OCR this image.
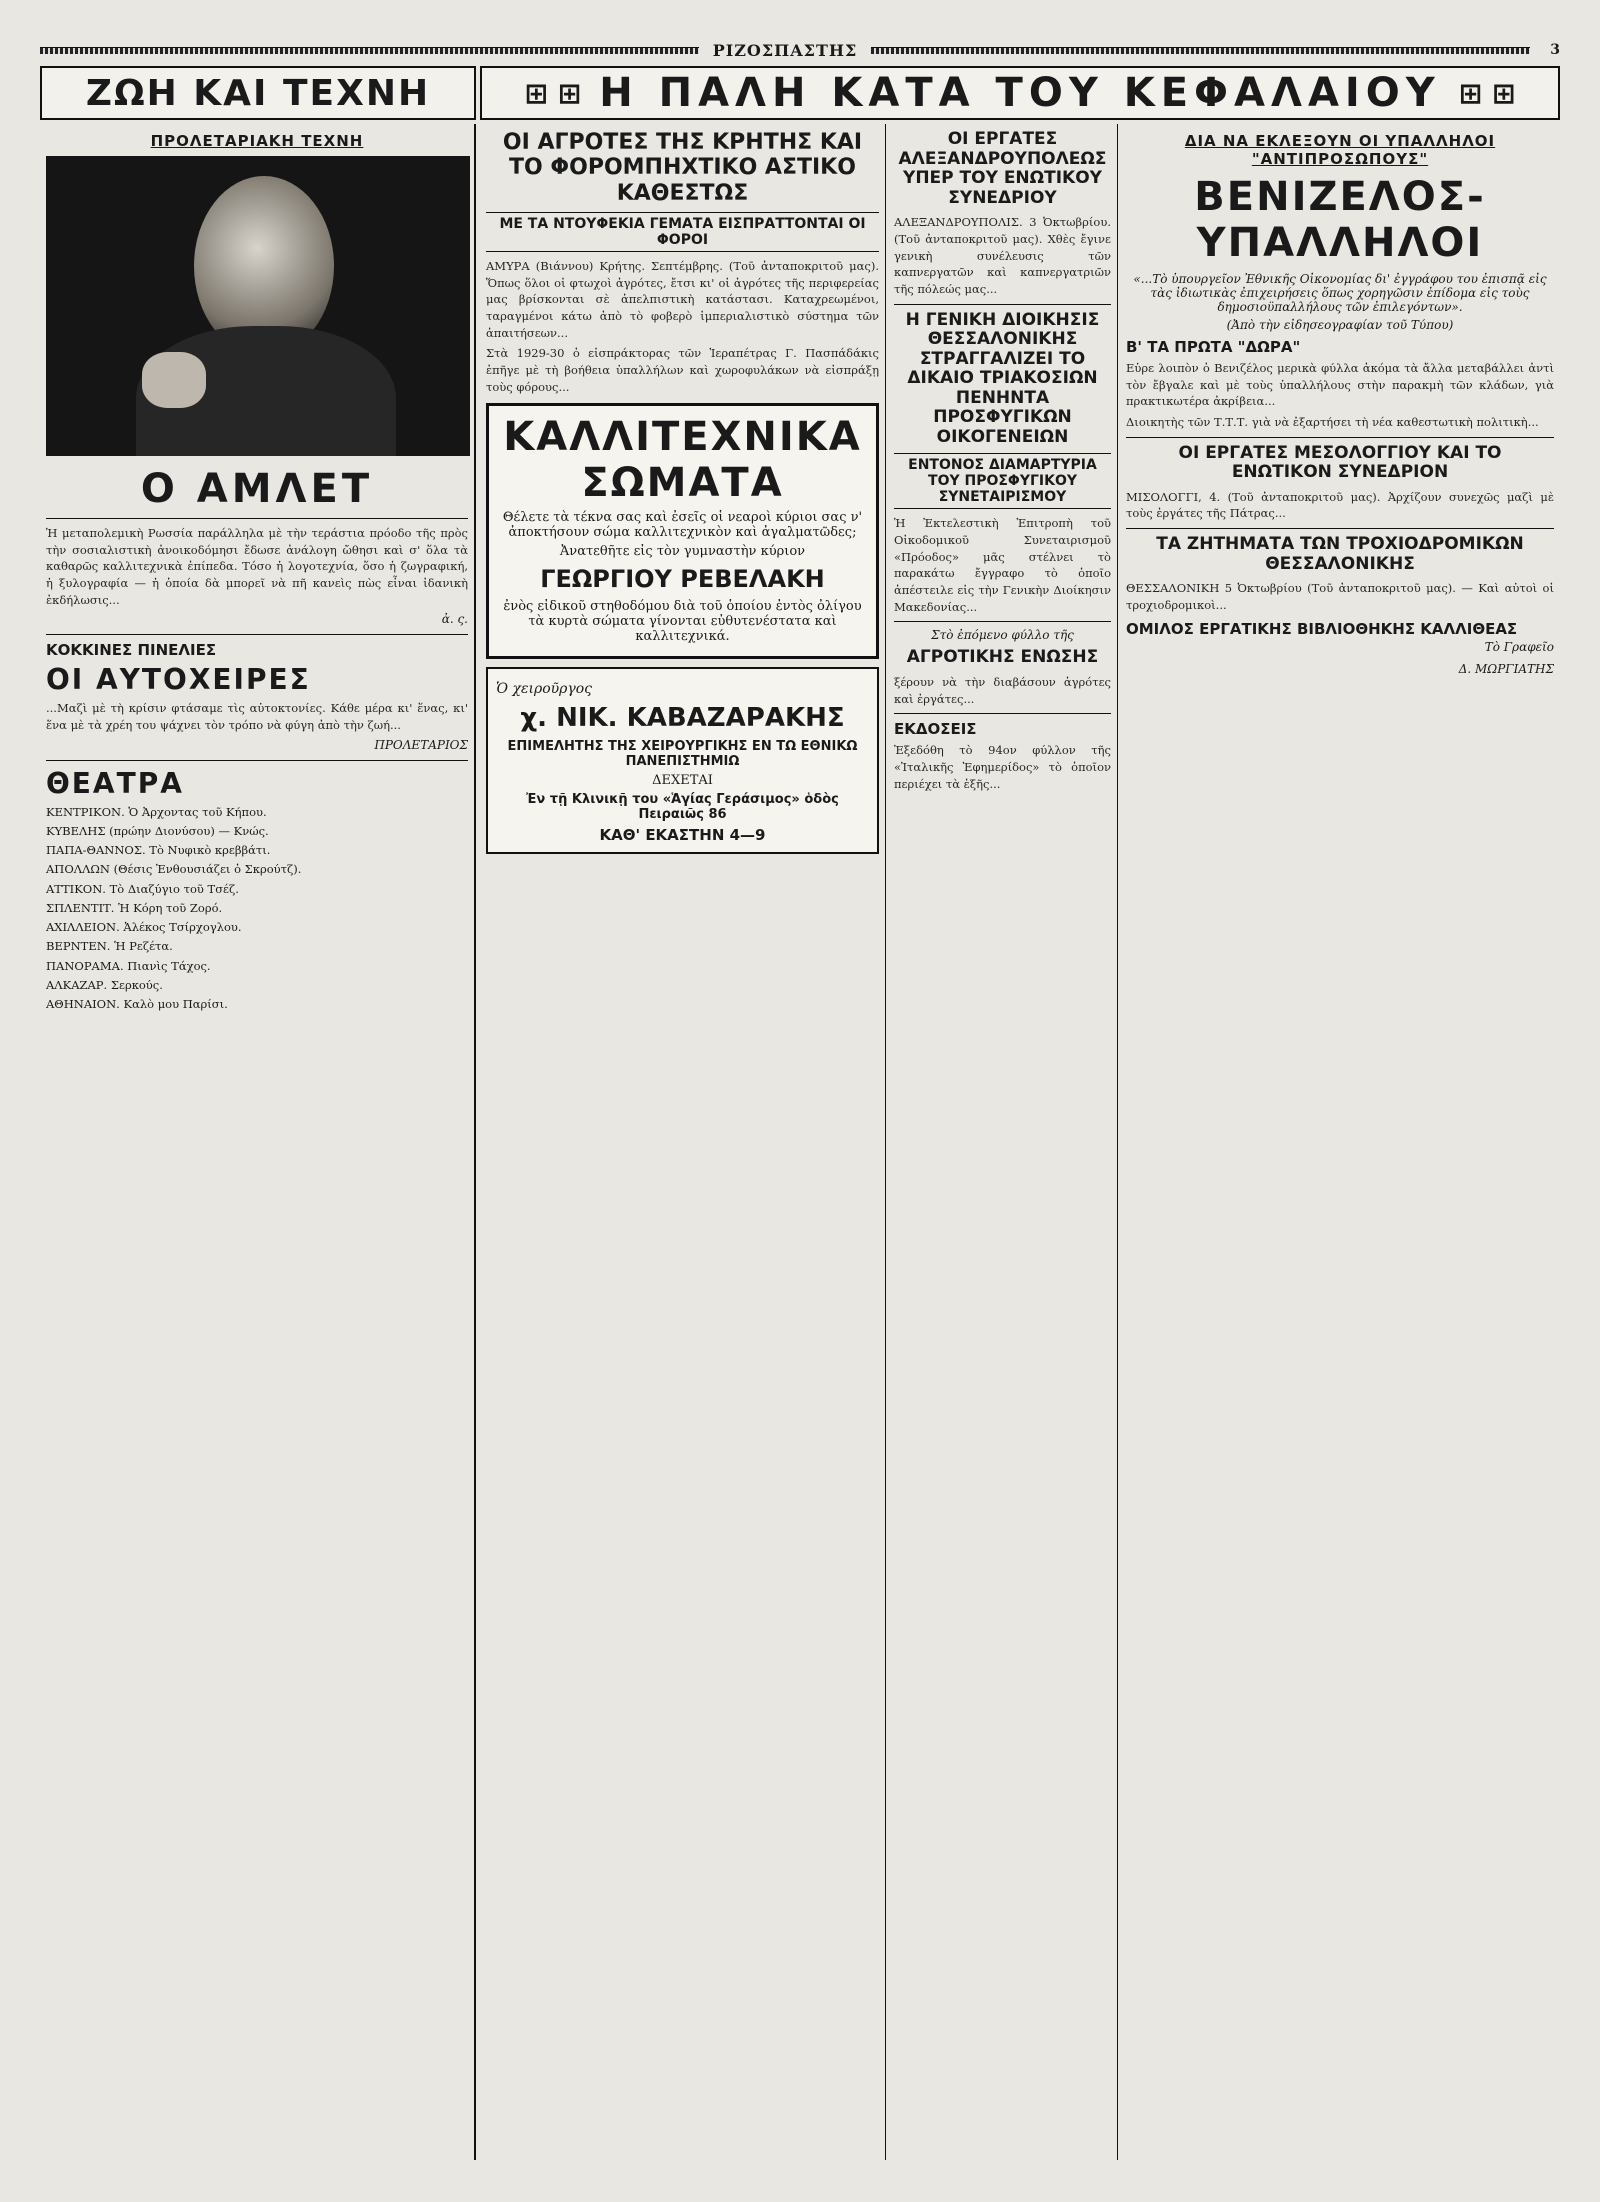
ΡΙΖΟΣΠΑΣΤΗΣ	3
ΖΩΗ ΚΑΙ ΤΕΧΝΗ	⊞ ⊞ Η ΠΑΛΗ ΚΑΤΑ ΤΟΥ ΚΕΦΑΛΑΙΟΥ ⊞ ⊞
ΠΡΟΛΕΤΑΡΙΑΚΗ ΤΕΧΝΗ
Ο ΑΜΛΕΤ

Ἡ μεταπολεμικὴ Ρωσσία παράλληλα μὲ τὴν τεράστια πρόοδο τῆς πρὸς τὴν σοσιαλιστικὴ ἀνοικοδόμησι ἔδωσε ἀνάλογη ὤθησι καὶ σ' ὅλα τὰ καθαρῶς καλλιτεχνικὰ ἐπίπεδα. Τόσο ἡ λογοτεχνία, ὅσο ἡ ζωγραφική, ἡ ξυλογραφία — ἡ ὁποία δὰ μπορεῖ νὰ πῆ κανεὶς πὼς εἶναι ἰδανικὴ ἐκδήλωσις...

ἀ. ς.
ΚΟΚΚΙΝΕΣ ΠΙΝΕΛΙΕΣ
ΟΙ ΑΥΤΟΧΕΙΡΕΣ

...Μαζὶ μὲ τὴ κρίσιν φτάσαμε τὶς αὐτοκτονίες. Κάθε μέρα κι' ἕνας, κι' ἕνα μὲ τὰ χρέη του ψάχνει τὸν τρόπο νὰ φύγη ἀπὸ τὴν ζωή...

ΠΡΟΛΕΤΑΡΙΟΣ
ΘΕΑΤΡΑ
ΚΕΝΤΡΙΚΟΝ. Ὁ Ἀρχοντας τοῦ Κήπου.
ΚΥΒΕΛΗΣ (πρώην Διονύσου) — Κνώς.
ΠΑΠΑ-ΘΑΝΝΟΣ. Τὸ Νυφικὸ κρεββάτι.
ΑΠΟΛΛΩΝ (Θέσις Ἐνθουσιάζει ὁ Σκρούτζ).
ΑΤΤΙΚΟΝ. Τὸ Διαζύγιο τοῦ Τσέζ.
ΣΠΛΕΝΤΙΤ. Ἡ Κόρη τοῦ Ζορό.
ΑΧΙΛΛΕΙΟΝ. Ἀλέκος Τσίρχογλου.
ΒΕΡΝΤΕΝ. Ἡ Ρεζέτα.
ΠΑΝΟΡΑΜΑ. Πιανὶς Τάχος.
ΑΛΚΑΖΑΡ. Σερκούς.
ΑΘΗΝΑΙΟΝ. Καλὸ μου Παρίσι.
ΟΙ ΑΓΡΟΤΕΣ ΤΗΣ ΚΡΗΤΗΣ ΚΑΙ ΤΟ ΦΟΡΟΜΠΗΧΤΙΚΟ ΑΣΤΙΚΟ ΚΑΘΕΣΤΩΣ
ΜΕ ΤΑ ΝΤΟΥΦΕΚΙΑ ΓΕΜΑΤΑ ΕΙΣΠΡΑΤΤΟΝΤΑΙ ΟΙ ΦΟΡΟΙ

ΑΜΥΡΑ (Βιάννου) Κρήτης. Σεπτέμβρης. (Τοῦ ἀνταποκριτοῦ μας). Ὅπως ὅλοι οἱ φτωχοὶ ἀγρότες, ἔτσι κι' οἱ ἀγρότες τῆς περιφερείας μας βρίσκονται σὲ ἀπελπιστικὴ κατάστασι. Καταχρεωμένοι, ταραγμένοι κάτω ἀπὸ τὸ φοβερὸ ἰμπεριαλιστικὸ σύστημα τῶν ἀπαιτήσεων...

Στὰ 1929-30 ὁ εἰσπράκτορας τῶν Ἱεραπέτρας Γ. Πασπάδάκις ἐπῆγε μὲ τὴ βοήθεια ὑπαλλήλων καὶ χωροφυλάκων νὰ εἰσπράξῃ τοὺς φόρους...

ΚΑΛΛΙΤΕΧΝΙΚΑ ΣΩΜΑΤΑ
Θέλετε τὰ τέκνα σας καὶ ἐσεῖς οἱ νεαροὶ κύριοι σας ν' ἀποκτήσουν σώμα καλλιτεχνικὸν καὶ ἀγαλματῶδες;
Ἀνατεθῆτε εἰς τὸν γυμναστὴν κύριον
ΓΕΩΡΓΙΟΥ ΡΕΒΕΛΑΚΗ
ἐνὸς εἰδικοῦ στηθοδόμου διὰ τοῦ ὁποίου ἐντὸς ὀλίγου τὰ κυρτὰ σώματα γίνονται εὐθυτενέστατα καὶ καλλιτεχνικά.
Ὁ χειροῦργος
χ. ΝΙΚ. ΚΑΒΑΖΑΡΑΚΗΣ
ΕΠΙΜΕΛΗΤΗΣ ΤΗΣ ΧΕΙΡΟΥΡΓΙΚΗΣ ΕΝ ΤΩ ΕΘΝΙΚΩ ΠΑΝΕΠΙΣΤΗΜΙΩ
ΔΕΧΕΤΑΙ
Ἐν τῇ Κλινικῇ του «Ἁγίας Γεράσιμος» ὁδὸς Πειραιῶς 86
ΚΑΘ' ΕΚΑΣΤΗΝ 4—9
ΟΙ ΕΡΓΑΤΕΣ ΑΛΕΞΑΝΔΡΟΥΠΟΛΕΩΣ ΥΠΕΡ ΤΟΥ ΕΝΩΤΙΚΟΥ ΣΥΝΕΔΡΙΟΥ

ΑΛΕΞΑΝΔΡΟΥΠΟΛΙΣ. 3 Ὀκτωβρίου. (Τοῦ ἀνταποκριτοῦ μας). Χθὲς ἔγινε γενικὴ συνέλευσις τῶν καπνεργατῶν καὶ καπνεργατριῶν τῆς πόλεώς μας...

Η ΓΕΝΙΚΗ ΔΙΟΙΚΗΣΙΣ ΘΕΣΣΑΛΟΝΙΚΗΣ ΣΤΡΑΓΓΑΛΙΖΕΙ ΤΟ ΔΙΚΑΙΟ ΤΡΙΑΚΟΣΙΩΝ ΠΕΝΗΝΤΑ ΠΡΟΣΦΥΓΙΚΩΝ ΟΙΚΟΓΕΝΕΙΩΝ
ΕΝΤΟΝΟΣ ΔΙΑΜΑΡΤΥΡΙΑ ΤΟΥ ΠΡΟΣΦΥΓΙΚΟΥ ΣΥΝΕΤΑΙΡΙΣΜΟΥ

Ἡ Ἐκτελεστικὴ Ἐπιτροπὴ τοῦ Οἰκοδομικοῦ Συνεταιρισμοῦ «Πρόοδος» μᾶς στέλνει τὸ παρακάτω ἔγγραφο τὸ ὁποῖο ἀπέστειλε εἰς τὴν Γενικὴν Διοίκησιν Μακεδονίας...

Στὸ ἐπόμενο φύλλο τῆς
ΑΓΡΟΤΙΚΗΣ ΕΝΩΣΗΣ

ξέρουν νὰ τὴν διαβάσουν ἀγρότες καὶ ἐργάτες...

ΕΚΔΟΣΕΙΣ

Ἐξεδόθη τὸ 94ον φύλλον τῆς «Ἰταλικῆς Ἐφημερίδος» τὸ ὁποῖον περιέχει τὰ ἑξῆς...

ΔΙΑ ΝΑ ΕΚΛΕΞΟΥΝ ΟΙ ΥΠΑΛΛΗΛΟΙ "ΑΝΤΙΠΡΟΣΩΠΟΥΣ"
ΒΕΝΙΖΕΛΟΣ-ΥΠΑΛΛΗΛΟΙ
«...Τὸ ὑπουργεῖον Ἐθνικῆς Οἰκονομίας δι' ἐγγράφου του ἐπισπᾷ εἰς τὰς ἰδιωτικὰς ἐπιχειρήσεις ὅπως χορηγῶσιν ἐπίδομα εἰς τοὺς δημοσιοϋπαλλήλους τῶν ἐπιλεγόντων».
(Ἀπὸ τὴν εἰδησεογραφίαν τοῦ Τύπου)
Β' ΤΑ ΠΡΩΤΑ "ΔΩΡΑ"

Εὑρε λοιπὸν ὁ Βενιζέλος μερικὰ φύλλα ἀκόμα τὰ ἄλλα μεταβάλλει ἀντὶ τὸν ἔβγαλε καὶ μὲ τοὺς ὑπαλλήλους στὴν παρακμὴ τῶν κλάδων, γιὰ πρακτικωτέρα ἀκρίβεια...

Διοικητὴς τῶν Τ.Τ.Τ. γιὰ νὰ ἐξαρτήσει τὴ νέα καθεστωτικὴ πολιτικὴ...

ΟΙ ΕΡΓΑΤΕΣ ΜΕΣΟΛΟΓΓΙΟΥ ΚΑΙ ΤΟ ΕΝΩΤΙΚΟΝ ΣΥΝΕΔΡΙΟΝ

ΜΙΣΟΛΟΓΓΙ, 4. (Τοῦ ἀνταποκριτοῦ μας). Ἀρχίζουν συνεχῶς μαζὶ μὲ τοὺς ἐργάτες τῆς Πάτρας...

ΤΑ ΖΗΤΗΜΑΤΑ ΤΩΝ ΤΡΟΧΙΟΔΡΟΜΙΚΩΝ ΘΕΣΣΑΛΟΝΙΚΗΣ

ΘΕΣΣΑΛΟΝΙΚΗ 5 Ὀκτωβρίου (Τοῦ ἀνταποκριτοῦ μας). — Καὶ αὐτοὶ οἱ τροχιοδρομικοὶ...

ΟΜΙΛΟΣ ΕΡΓΑΤΙΚΗΣ ΒΙΒΛΙΟΘΗΚΗΣ ΚΑΛΛΙΘΕΑΣ
Τὸ Γραφεῖο
Δ. ΜΩΡΓΙΑΤΗΣ
